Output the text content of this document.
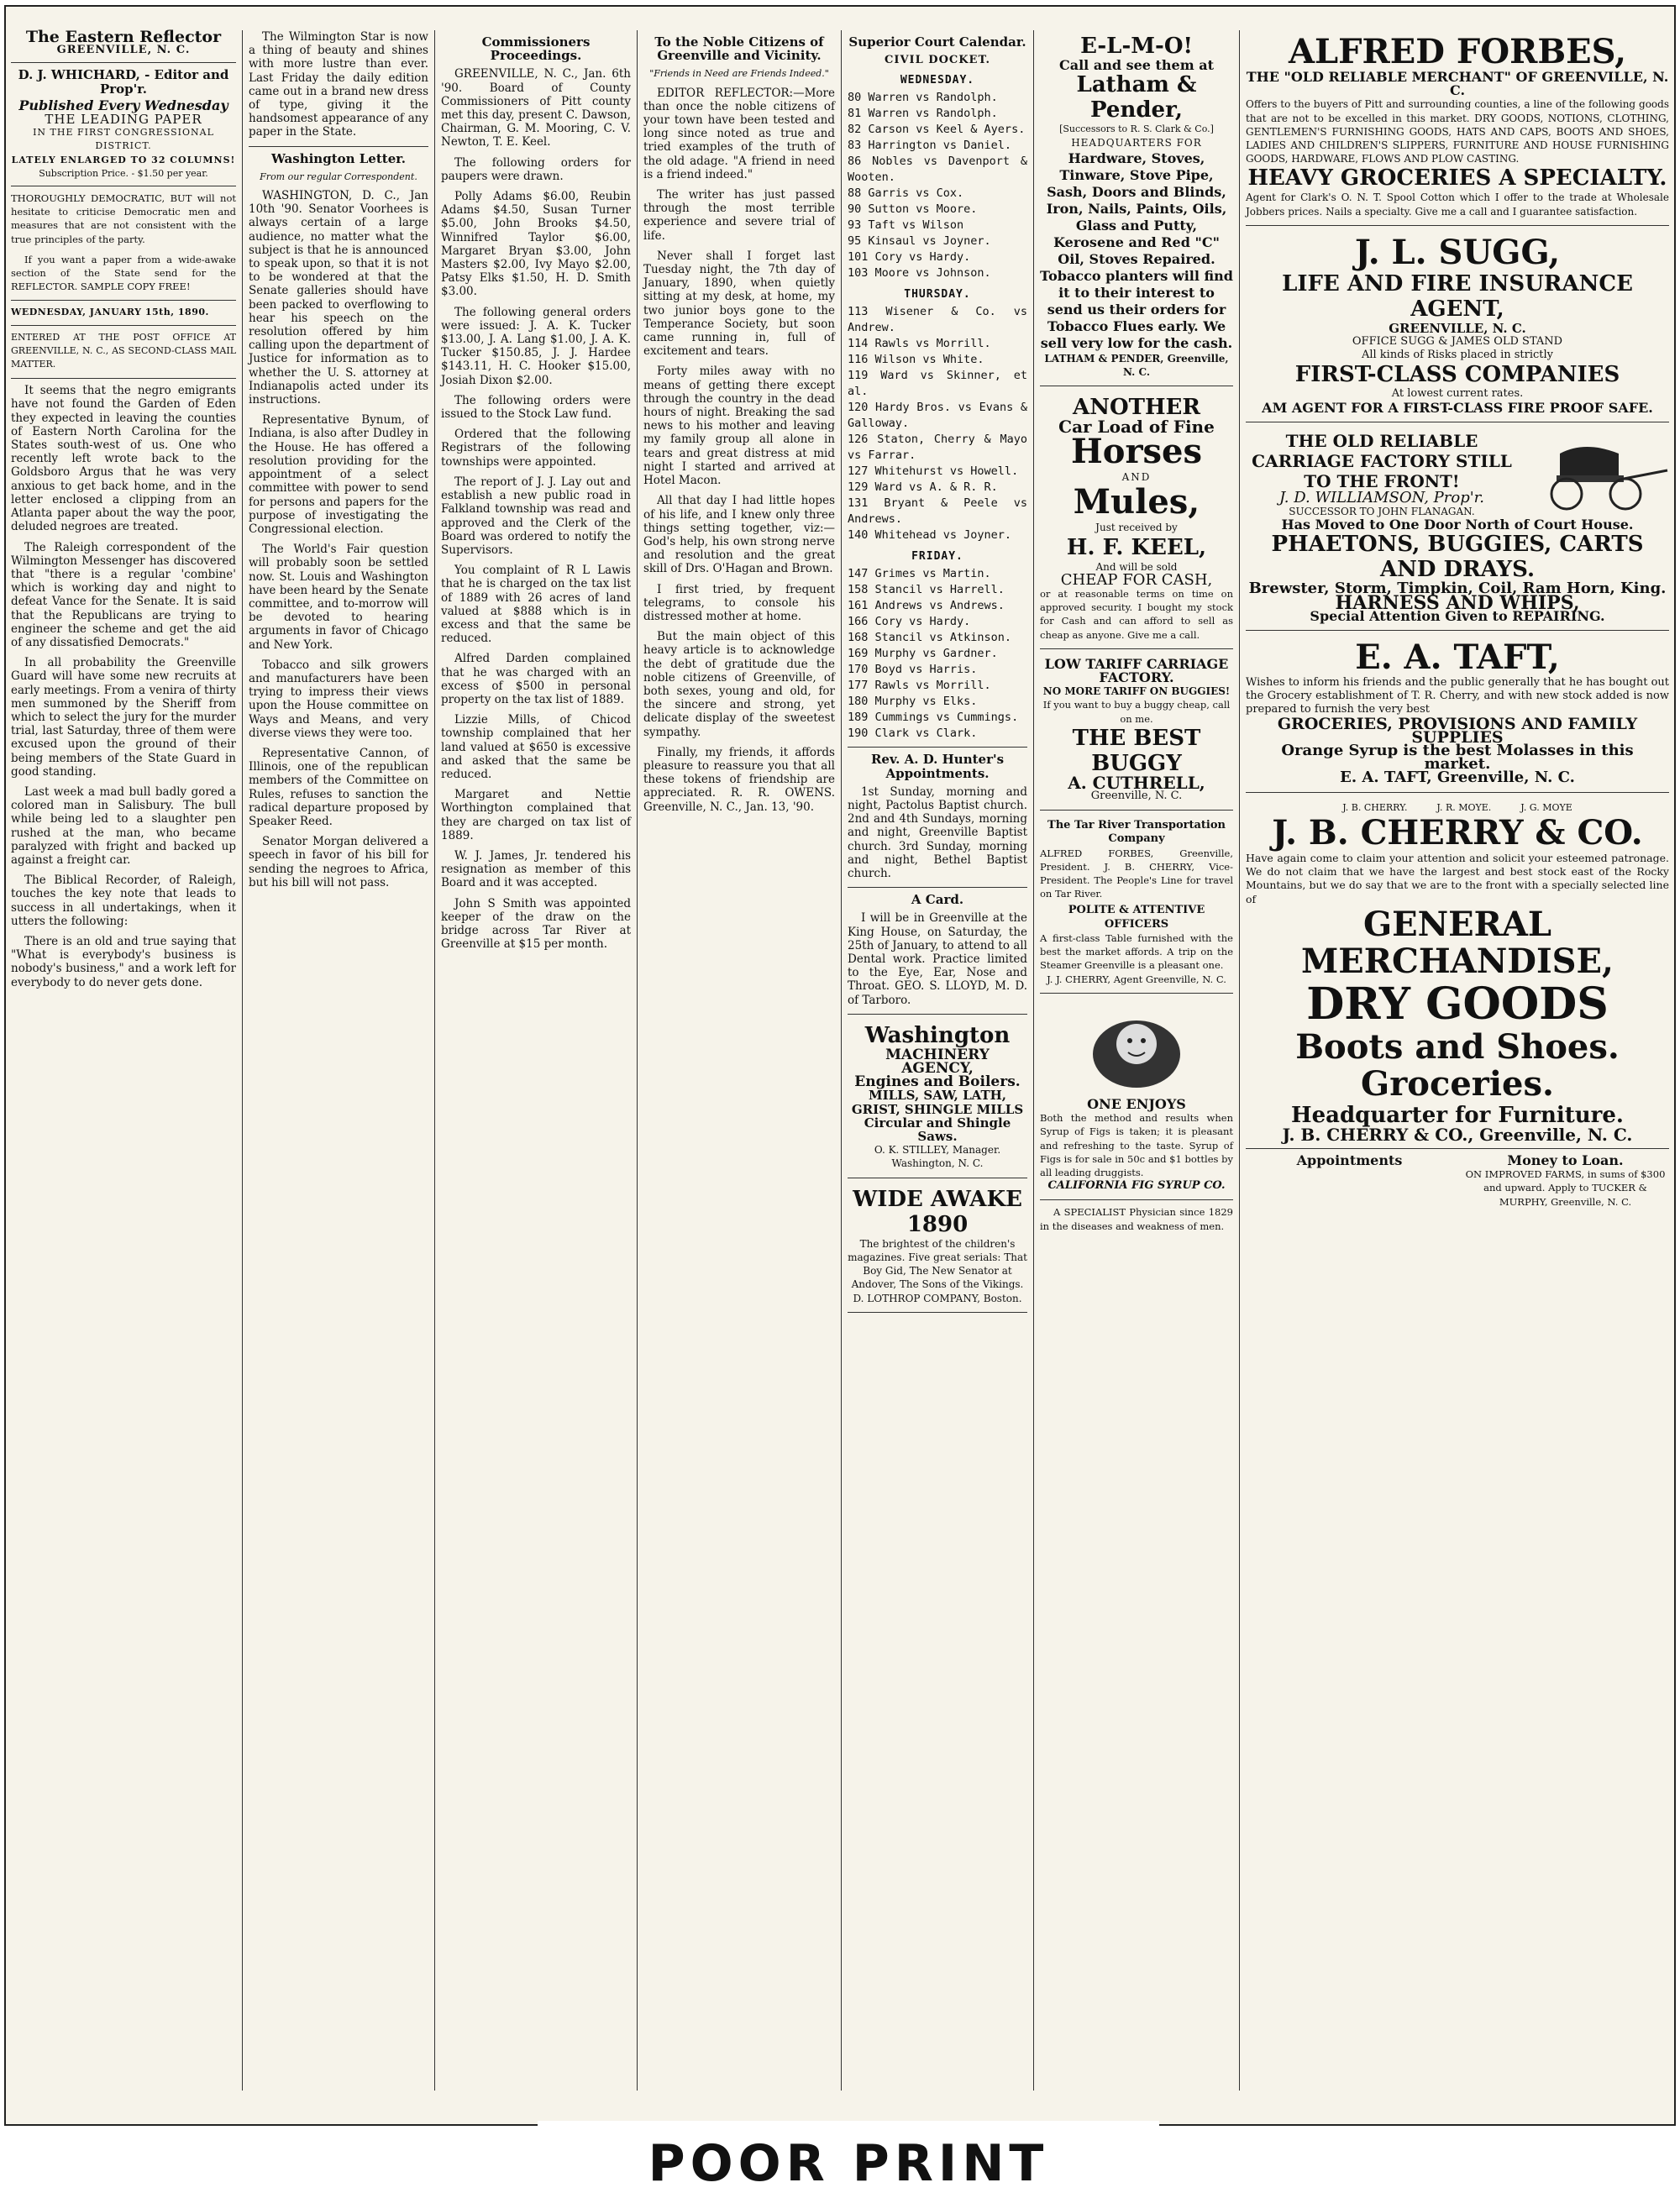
The Eastern Reflector
GREENVILLE, N. C.
D. J. WHICHARD, - Editor and Prop'r.
Published Every Wednesday
THE LEADING PAPER
IN THE FIRST CONGRESSIONAL DISTRICT.
LATELY ENLARGED TO 32 COLUMNS!
Subscription Price. - $1.50 per year.

THOROUGHLY DEMOCRATIC, BUT will not hesitate to criticise Democratic men and measures that are not consistent with the true principles of the party.

If you want a paper from a wide-awake section of the State send for the REFLECTOR. SAMPLE COPY FREE!

WEDNESDAY, JANUARY 15th, 1890.

ENTERED AT THE POST OFFICE AT GREENVILLE, N. C., AS SECOND-CLASS MAIL MATTER.

It seems that the negro emigrants have not found the Garden of Eden they expected in leaving the counties of Eastern North Carolina for the States south-west of us. One who recently left wrote back to the Goldsboro Argus that he was very anxious to get back home, and in the letter enclosed a clipping from an Atlanta paper about the way the poor, deluded negroes are treated.

The Raleigh correspondent of the Wilmington Messenger has discovered that "there is a regular 'combine' which is working day and night to defeat Vance for the Senate. It is said that the Republicans are trying to engineer the scheme and get the aid of any dissatisfied Democrats."

In all probability the Greenville Guard will have some new recruits at early meetings. From a venira of thirty men summoned by the Sheriff from which to select the jury for the murder trial, last Saturday, three of them were excused upon the ground of their being members of the State Guard in good standing.

Last week a mad bull badly gored a colored man in Salisbury. The bull while being led to a slaughter pen rushed at the man, who became paralyzed with fright and backed up against a freight car.

The Biblical Recorder, of Raleigh, touches the key note that leads to success in all undertakings, when it utters the following:

There is an old and true saying that "What is everybody's business is nobody's business," and a work left for everybody to do never gets done.

The Wilmington Star is now a thing of beauty and shines with more lustre than ever. Last Friday the daily edition came out in a brand new dress of type, giving it the handsomest appearance of any paper in the State.

Washington Letter.
From our regular Correspondent.

WASHINGTON, D. C., Jan 10th '90. Senator Voorhees is always certain of a large audience, no matter what the subject is that he is announced to speak upon, so that it is not to be wondered at that the Senate galleries should have been packed to overflowing to hear his speech on the resolution offered by him calling upon the department of Justice for information as to whether the U. S. attorney at Indianapolis acted under its instructions.

Representative Bynum, of Indiana, is also after Dudley in the House. He has offered a resolution providing for the appointment of a select committee with power to send for persons and papers for the purpose of investigating the Congressional election.

The World's Fair question will probably soon be settled now. St. Louis and Washington have been heard by the Senate committee, and to-morrow will be devoted to hearing arguments in favor of Chicago and New York.

Tobacco and silk growers and manufacturers have been trying to impress their views upon the House committee on Ways and Means, and very diverse views they were too.

Representative Cannon, of Illinois, one of the republican members of the Committee on Rules, refuses to sanction the radical departure proposed by Speaker Reed.

Senator Morgan delivered a speech in favor of his bill for sending the negroes to Africa, but his bill will not pass.

Commissioners Proceedings.

GREENVILLE, N. C., Jan. 6th '90. Board of County Commissioners of Pitt county met this day, present C. Dawson, Chairman, G. M. Mooring, C. V. Newton, T. E. Keel.

The following orders for paupers were drawn.

Polly Adams $6.00, Reubin Adams $4.50, Susan Turner $5.00, John Brooks $4.50, Winnifred Taylor $6.00, Margaret Bryan $3.00, John Masters $2.00, Ivy Mayo $2.00, Patsy Elks $1.50, H. D. Smith $3.00.

The following general orders were issued: J. A. K. Tucker $13.00, J. A. Lang $1.00, J. A. K. Tucker $150.85, J. J. Hardee $143.11, H. C. Hooker $15.00, Josiah Dixon $2.00.

The following orders were issued to the Stock Law fund.

Ordered that the following Registrars of the following townships were appointed.

The report of J. J. Lay out and establish a new public road in Falkland township was read and approved and the Clerk of the Board was ordered to notify the Supervisors.

You complaint of R L Lawis that he is charged on the tax list of 1889 with 26 acres of land valued at $888 which is in excess and that the same be reduced.

Alfred Darden complained that he was charged with an excess of $500 in personal property on the tax list of 1889.

Lizzie Mills, of Chicod township complained that her land valued at $650 is excessive and asked that the same be reduced.

Margaret and Nettie Worthington complained that they are charged on tax list of 1889.

W. J. James, Jr. tendered his resignation as member of this Board and it was accepted.

John S Smith was appointed keeper of the draw on the bridge across Tar River at Greenville at $15 per month.

To the Noble Citizens of Greenville and Vicinity.
"Friends in Need are Friends Indeed."

EDITOR REFLECTOR:—More than once the noble citizens of your town have been tested and long since noted as true and tried examples of the truth of the old adage. "A friend in need is a friend indeed."

The writer has just passed through the most terrible experience and severe trial of life.

Never shall I forget last Tuesday night, the 7th day of January, 1890, when quietly sitting at my desk, at home, my two junior boys gone to the Temperance Society, but soon came running in, full of excitement and tears.

Forty miles away with no means of getting there except through the country in the dead hours of night. Breaking the sad news to his mother and leaving my family group all alone in tears and great distress at mid night I started and arrived at Hotel Macon.

All that day I had little hopes of his life, and I knew only three things setting together, viz:—God's help, his own strong nerve and resolution and the great skill of Drs. O'Hagan and Brown.

I first tried, by frequent telegrams, to console his distressed mother at home.

But the main object of this heavy article is to acknowledge the debt of gratitude due the noble citizens of Greenville, of both sexes, young and old, for the sincere and strong, yet delicate display of the sweetest sympathy.

Finally, my friends, it affords pleasure to reassure you that all these tokens of friendship are appreciated. R. R. OWENS. Greenville, N. C., Jan. 13, '90.

Superior Court Calendar.
CIVIL DOCKET.
WEDNESDAY.
80 Warren vs Randolph.
81 Warren vs Randolph.
82 Carson vs Keel & Ayers.
83 Harrington vs Daniel.
86 Nobles vs Davenport & Wooten.
88 Garris vs Cox.
90 Sutton vs Moore.
93 Taft vs Wilson
95 Kinsaul vs Joyner.
101 Cory vs Hardy.
103 Moore vs Johnson.
THURSDAY.
113 Wisener & Co. vs Andrew.
114 Rawls vs Morrill.
116 Wilson vs White.
119 Ward vs Skinner, et al.
120 Hardy Bros. vs Evans & Galloway.
126 Staton, Cherry & Mayo vs Farrar.
127 Whitehurst vs Howell.
129 Ward vs A. & R. R.
131 Bryant & Peele vs Andrews.
140 Whitehead vs Joyner.
FRIDAY.
147 Grimes vs Martin.
158 Stancil vs Harrell.
161 Andrews vs Andrews.
166 Cory vs Hardy.
168 Stancil vs Atkinson.
169 Murphy vs Gardner.
170 Boyd vs Harris.
177 Rawls vs Morrill.
180 Murphy vs Elks.
189 Cummings vs Cummings.
190 Clark vs Clark.
Rev. A. D. Hunter's Appointments.

1st Sunday, morning and night, Pactolus Baptist church. 2nd and 4th Sundays, morning and night, Greenville Baptist church. 3rd Sunday, morning and night, Bethel Baptist church.

A Card.

I will be in Greenville at the King House, on Saturday, the 25th of January, to attend to all Dental work. Practice limited to the Eye, Ear, Nose and Throat. GEO. S. LLOYD, M. D. of Tarboro.

Washington
MACHINERY AGENCY,
Engines and Boilers.
MILLS, SAW, LATH, GRIST, SHINGLE MILLS
Circular and Shingle Saws.
O. K. STILLEY, Manager. Washington, N. C.
WIDE AWAKE 1890
The brightest of the children's magazines. Five great serials: That Boy Gid, The New Senator at Andover, The Sons of the Vikings. D. LOTHROP COMPANY, Boston.
E-L-M-O!
Call and see them at
Latham & Pender,
[Successors to R. S. Clark & Co.]
HEADQUARTERS FOR
Hardware, Stoves, Tinware, Stove Pipe, Sash, Doors and Blinds, Iron, Nails, Paints, Oils, Glass and Putty, Kerosene and Red "C" Oil, Stoves Repaired. Tobacco planters will find it to their interest to send us their orders for Tobacco Flues early. We sell very low for the cash.
LATHAM & PENDER, Greenville, N. C.
ANOTHER
Car Load of Fine
Horses
AND
Mules,
Just received by
H. F. KEEL,
And will be sold
CHEAP FOR CASH,
or at reasonable terms on time on approved security. I bought my stock for Cash and can afford to sell as cheap as anyone. Give me a call.
LOW TARIFF CARRIAGE FACTORY.
NO MORE TARIFF ON BUGGIES!
If you want to buy a buggy cheap, call on me.
THE BEST BUGGY
A. CUTHRELL,
Greenville, N. C.
The Tar River Transportation Company
ALFRED FORBES, Greenville, President. J. B. CHERRY, Vice-President. The People's Line for travel on Tar River.
POLITE & ATTENTIVE OFFICERS
A first-class Table furnished with the best the market affords. A trip on the Steamer Greenville is a pleasant one.
J. J. CHERRY, Agent Greenville, N. C.
ONE ENJOYS
Both the method and results when Syrup of Figs is taken; it is pleasant and refreshing to the taste. Syrup of Figs is for sale in 50c and $1 bottles by all leading druggists.
CALIFORNIA FIG SYRUP CO.

A SPECIALIST Physician since 1829 in the diseases and weakness of men.

ALFRED FORBES,
THE "OLD RELIABLE MERCHANT" OF GREENVILLE, N. C.
Offers to the buyers of Pitt and surrounding counties, a line of the following goods that are not to be excelled in this market. DRY GOODS, NOTIONS, CLOTHING, GENTLEMEN'S FURNISHING GOODS, HATS AND CAPS, BOOTS AND SHOES, LADIES AND CHILDREN'S SLIPPERS, FURNITURE AND HOUSE FURNISHING GOODS, HARDWARE, FLOWS AND PLOW CASTING.
HEAVY GROCERIES A SPECIALTY.
Agent for Clark's O. N. T. Spool Cotton which I offer to the trade at Wholesale Jobbers prices. Nails a specialty. Give me a call and I guarantee satisfaction.
J. L. SUGG,
LIFE AND FIRE INSURANCE AGENT,
GREENVILLE, N. C.
OFFICE SUGG & JAMES OLD STAND
All kinds of Risks placed in strictly
FIRST-CLASS COMPANIES
At lowest current rates.
AM AGENT FOR A FIRST-CLASS FIRE PROOF SAFE.
THE OLD RELIABLE CARRIAGE FACTORY STILL TO THE FRONT!
J. D. WILLIAMSON, Prop'r.
SUCCESSOR TO JOHN FLANAGAN.
Has Moved to One Door North of Court House.
PHAETONS, BUGGIES, CARTS AND DRAYS.
Brewster, Storm, Timpkin, Coil, Ram Horn, King.
HARNESS AND WHIPS,
Special Attention Given to REPAIRING.
E. A. TAFT,
Wishes to inform his friends and the public generally that he has bought out the Grocery establishment of T. R. Cherry, and with new stock added is now prepared to furnish the very best
GROCERIES, PROVISIONS AND FAMILY SUPPLIES
Orange Syrup is the best Molasses in this market.
E. A. TAFT, Greenville, N. C.
J. B. CHERRY.          J. R. MOYE.          J. G. MOYE
J. B. CHERRY & CO.
Have again come to claim your attention and solicit your esteemed patronage. We do not claim that we have the largest and best stock east of the Rocky Mountains, but we do say that we are to the front with a specially selected line of
GENERAL MERCHANDISE,
DRY GOODS
Boots and Shoes.
Groceries.
Headquarter for Furniture.
J. B. CHERRY & CO., Greenville, N. C.
Appointments	Money to Loan.
ON IMPROVED FARMS, in sums of $300 and upward. Apply to TUCKER & MURPHY, Greenville, N. C.
POOR PRINT
